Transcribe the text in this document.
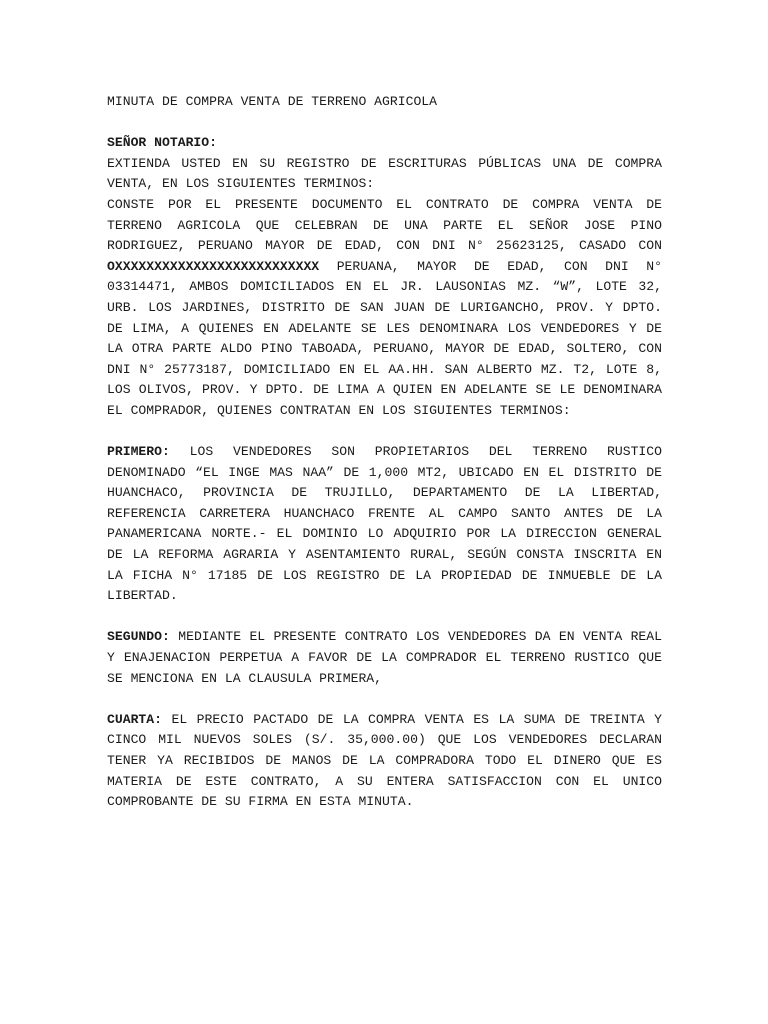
MINUTA DE COMPRA VENTA DE TERRENO AGRICOLA

SEÑOR NOTARIO:

EXTIENDA USTED EN SU REGISTRO DE ESCRITURAS PÚBLICAS UNA DE COMPRA VENTA, EN LOS SIGUIENTES TERMINOS:

CONSTE POR EL PRESENTE DOCUMENTO EL CONTRATO DE COMPRA VENTA DE TERRENO AGRICOLA QUE CELEBRAN DE UNA PARTE EL SEÑOR JOSE PINO RODRIGUEZ, PERUANO MAYOR DE EDAD, CON DNI N° 25623125, CASADO CON OXXXXXXXXXXXXXXXXXXXXXXXXXX PERUANA, MAYOR DE EDAD, CON DNI N° 03314471, AMBOS DOMICILIADOS EN EL JR. LAUSONIAS MZ. “W”, LOTE 32, URB. LOS JARDINES, DISTRITO DE SAN JUAN DE LURIGANCHO, PROV. Y DPTO. DE LIMA, A QUIENES EN ADELANTE SE LES DENOMINARA LOS VENDEDORES Y DE LA OTRA PARTE ALDO PINO TABOADA, PERUANO, MAYOR DE EDAD, SOLTERO, CON DNI N° 25773187, DOMICILIADO EN EL AA.HH. SAN ALBERTO MZ. T2, LOTE 8, LOS OLIVOS, PROV. Y DPTO. DE LIMA A QUIEN EN ADELANTE SE LE DENOMINARA EL COMPRADOR, QUIENES CONTRATAN EN LOS SIGUIENTES TERMINOS:

PRIMERO: LOS VENDEDORES SON PROPIETARIOS DEL TERRENO RUSTICO DENOMINADO “EL INGE MAS NAA” DE 1,000 MT2, UBICADO EN EL DISTRITO DE HUANCHACO, PROVINCIA DE TRUJILLO, DEPARTAMENTO DE LA LIBERTAD, REFERENCIA CARRETERA HUANCHACO FRENTE AL CAMPO SANTO ANTES DE LA PANAMERICANA NORTE.- EL DOMINIO LO ADQUIRIO POR LA DIRECCION GENERAL DE LA REFORMA AGRARIA Y ASENTAMIENTO RURAL, SEGÚN CONSTA INSCRITA EN LA FICHA N° 17185 DE LOS REGISTRO DE LA PROPIEDAD DE INMUEBLE DE LA LIBERTAD.

SEGUNDO: MEDIANTE EL PRESENTE CONTRATO LOS VENDEDORES DA EN VENTA REAL Y ENAJENACION PERPETUA A FAVOR DE LA COMPRADOR EL TERRENO RUSTICO QUE SE MENCIONA EN LA CLAUSULA PRIMERA,

CUARTA: EL PRECIO PACTADO DE LA COMPRA VENTA ES LA SUMA DE TREINTA Y CINCO MIL NUEVOS SOLES (S/. 35,000.00) QUE LOS VENDEDORES DECLARAN TENER YA RECIBIDOS DE MANOS DE LA COMPRADORA TODO EL DINERO QUE ES MATERIA DE ESTE CONTRATO, A SU ENTERA SATISFACCION CON EL UNICO COMPROBANTE DE SU FIRMA EN ESTA MINUTA.
